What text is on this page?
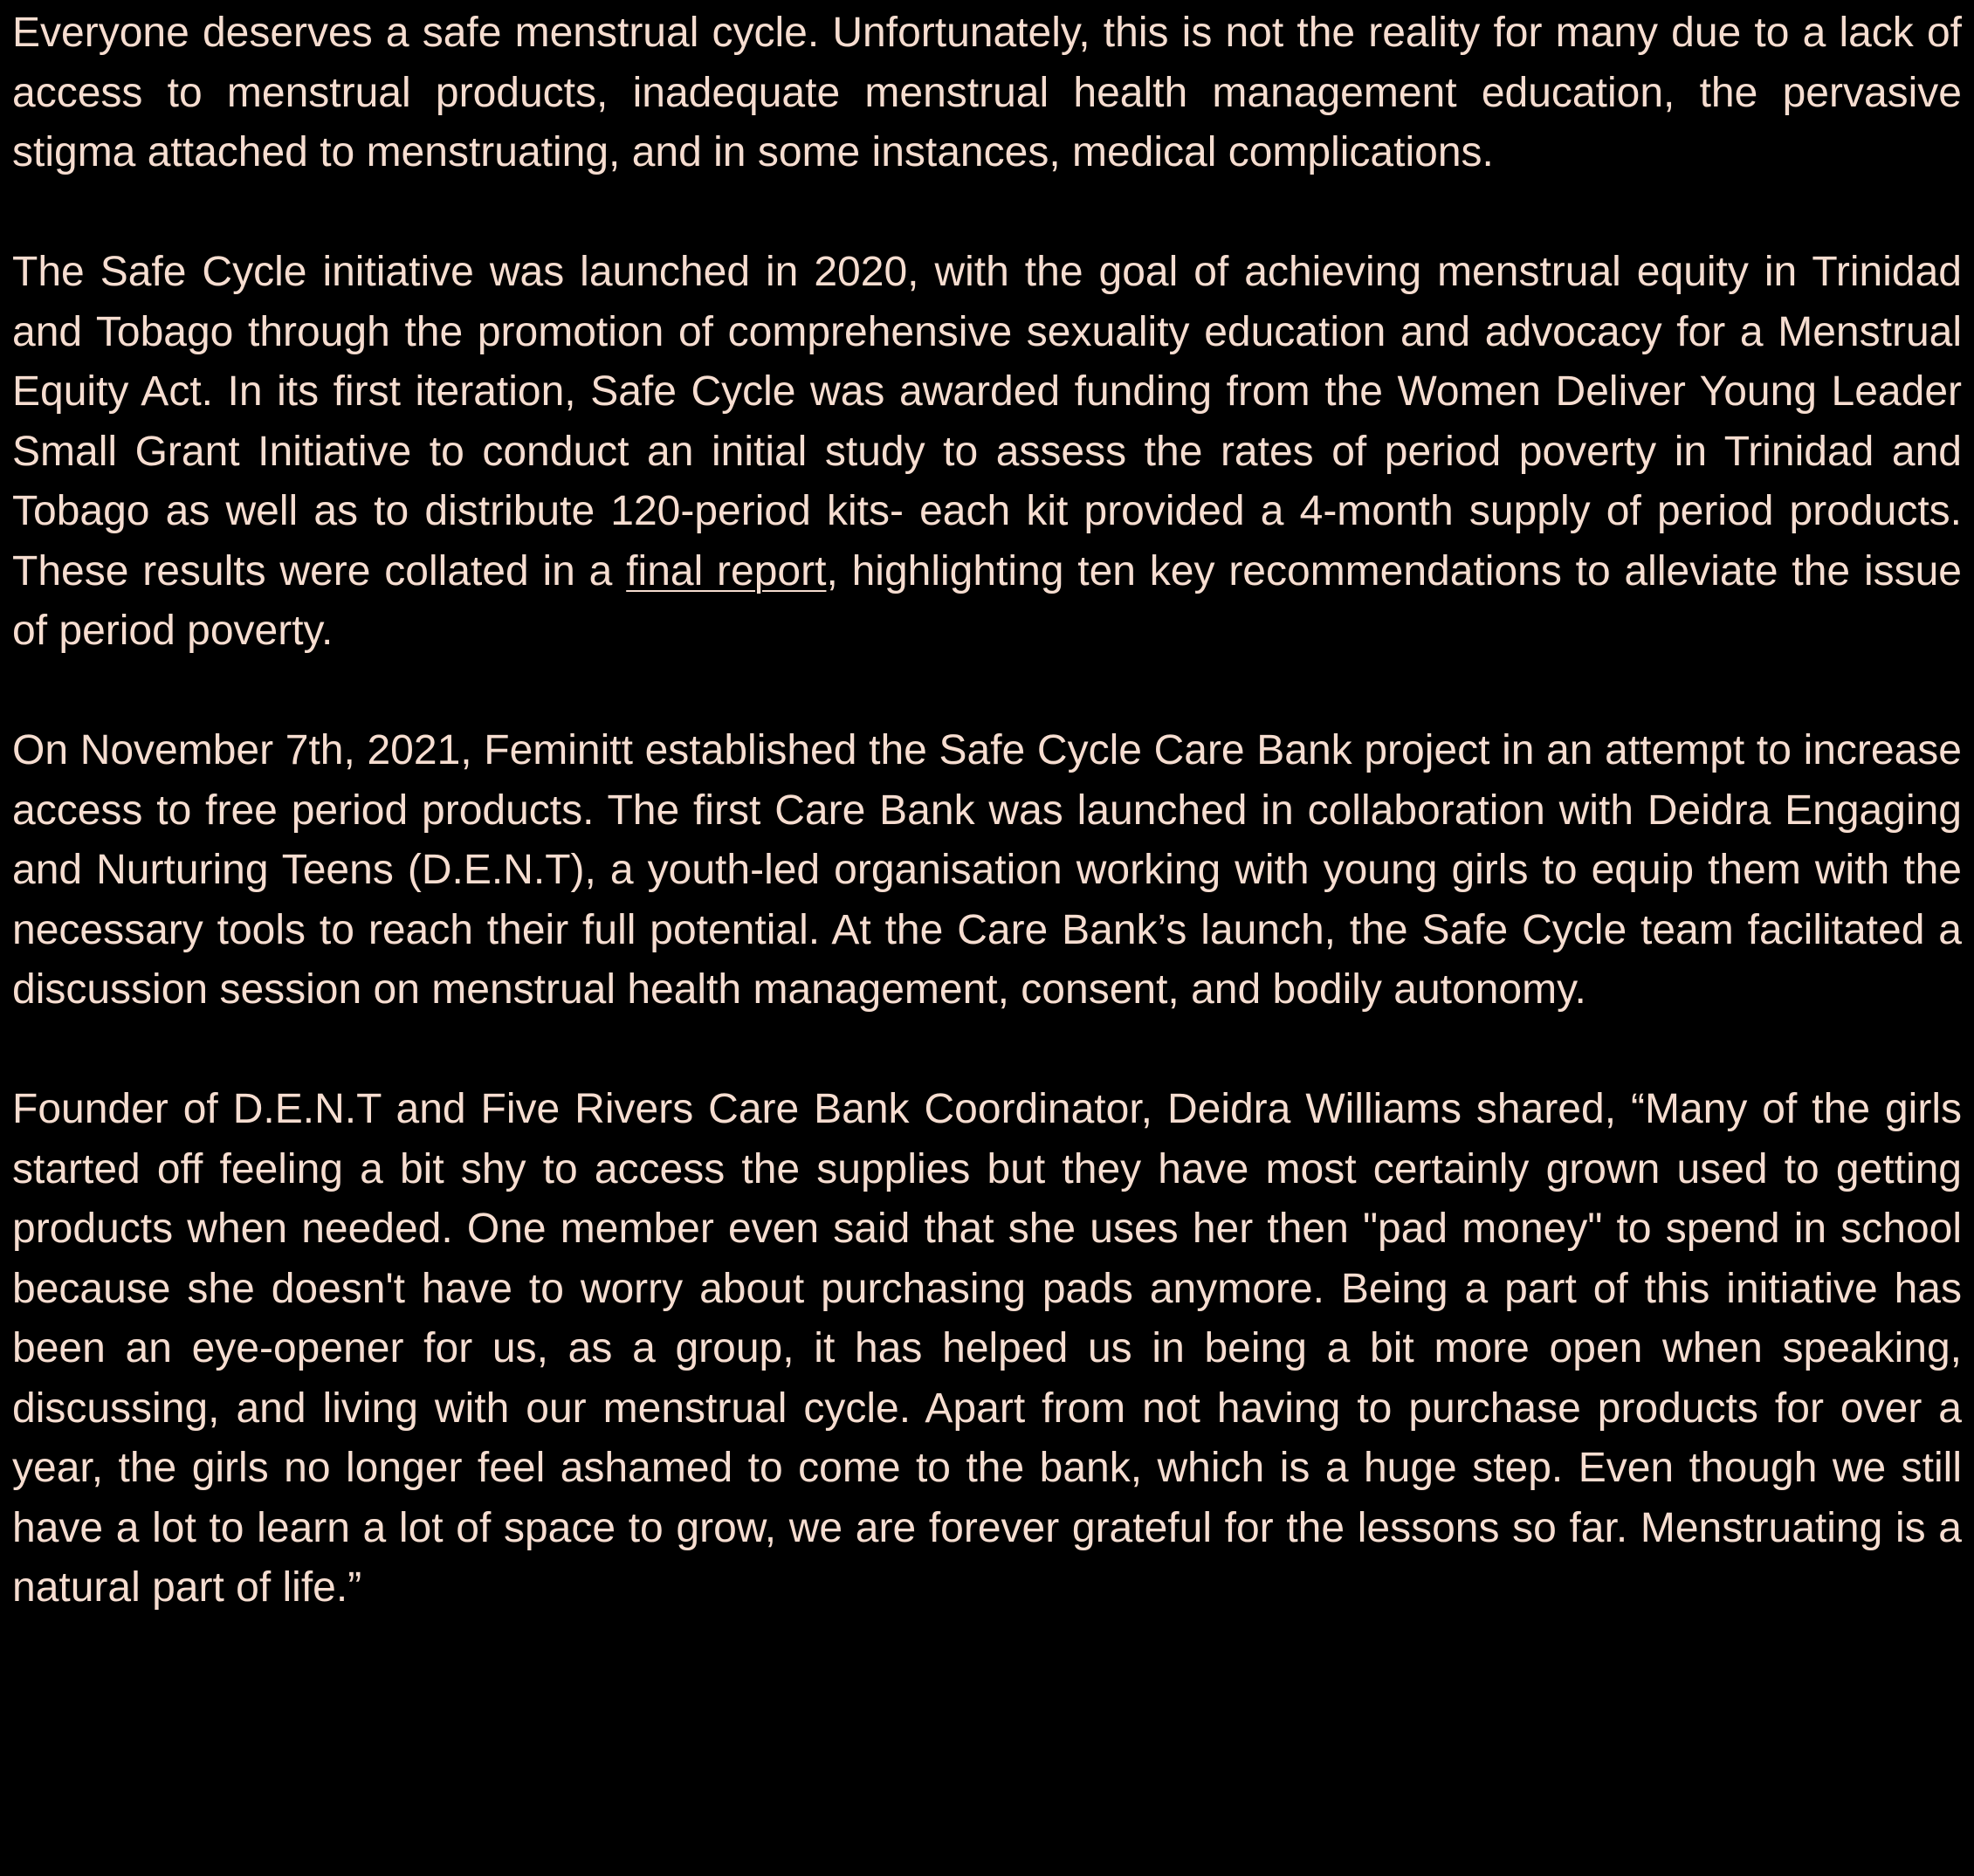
Everyone deserves a safe menstrual cycle. Unfortunately, this is not the reality for many due to a lack of access to menstrual products, inadequate menstrual health management education, the pervasive stigma attached to menstruating, and in some instances, medical complications.

The Safe Cycle initiative was launched in 2020, with the goal of achieving menstrual equity in Trinidad and Tobago through the promotion of comprehensive sexuality education and advocacy for a Menstrual Equity Act. In its first iteration, Safe Cycle was awarded funding from the Women Deliver Young Leader Small Grant Initiative to conduct an initial study to assess the rates of period poverty in Trinidad and Tobago as well as to distribute 120-period kits- each kit provided a 4-month supply of period products. These results were collated in a final report, highlighting ten key recommendations to alleviate the issue of period poverty.

On November 7th, 2021, Feminitt established the Safe Cycle Care Bank project in an attempt to increase access to free period products. The first Care Bank was launched in collaboration with Deidra Engaging and Nurturing Teens (D.E.N.T), a youth-led organisation working with young girls to equip them with the necessary tools to reach their full potential. At the Care Bank’s launch, the Safe Cycle team facilitated a discussion session on menstrual health management, consent, and bodily autonomy.

Founder of D.E.N.T and Five Rivers Care Bank Coordinator, Deidra Williams shared, “Many of the girls started off feeling a bit shy to access the supplies but they have most certainly grown used to getting products when needed. One member even said that she uses her then "pad money" to spend in school because she doesn't have to worry about purchasing pads anymore. Being a part of this initiative has been an eye-opener for us, as a group, it has helped us in being a bit more open when speaking, discussing, and living with our menstrual cycle. Apart from not having to purchase products for over a year, the girls no longer feel ashamed to come to the bank, which is a huge step. Even though we still have a lot to learn a lot of space to grow, we are forever grateful for the lessons so far. Menstruating is a natural part of life.”
